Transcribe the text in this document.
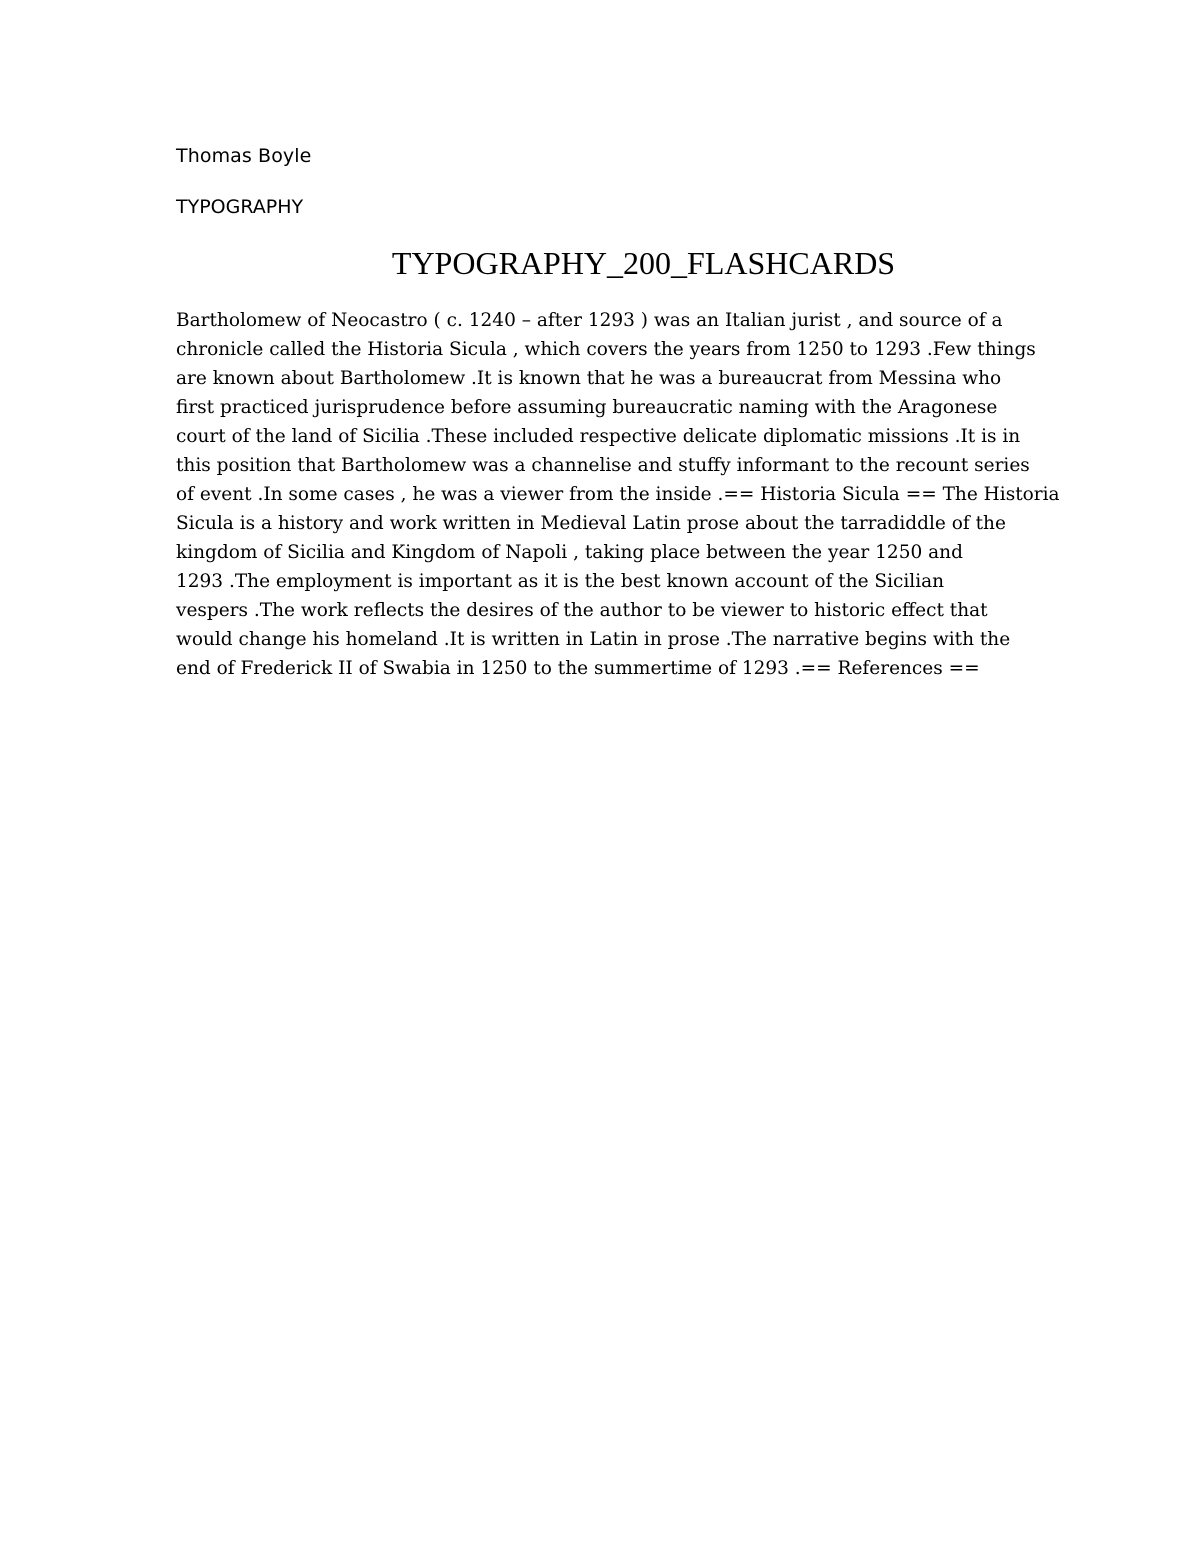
Thomas Boyle
TYPOGRAPHY
TYPOGRAPHY_200_FLASHCARDS
Bartholomew of Neocastro ( c. 1240 – after 1293 ) was an Italian jurist , and source of a
chronicle called the Historia Sicula , which covers the years from 1250 to 1293 .Few things
are known about Bartholomew .It is known that he was a bureaucrat from Messina who
first practiced jurisprudence before assuming bureaucratic naming with the Aragonese
court of the land of Sicilia .These included respective delicate diplomatic missions .It is in
this position that Bartholomew was a channelise and stuffy informant to the recount series
of event .In some cases , he was a viewer from the inside .== Historia Sicula == The Historia
Sicula is a history and work written in Medieval Latin prose about the tarradiddle of the
kingdom of Sicilia and Kingdom of Napoli , taking place between the year 1250 and
1293 .The employment is important as it is the best known account of the Sicilian
vespers .The work reflects the desires of the author to be viewer to historic effect that
would change his homeland .It is written in Latin in prose .The narrative begins with the
end of Frederick II of Swabia in 1250 to the summertime of 1293 .== References ==
